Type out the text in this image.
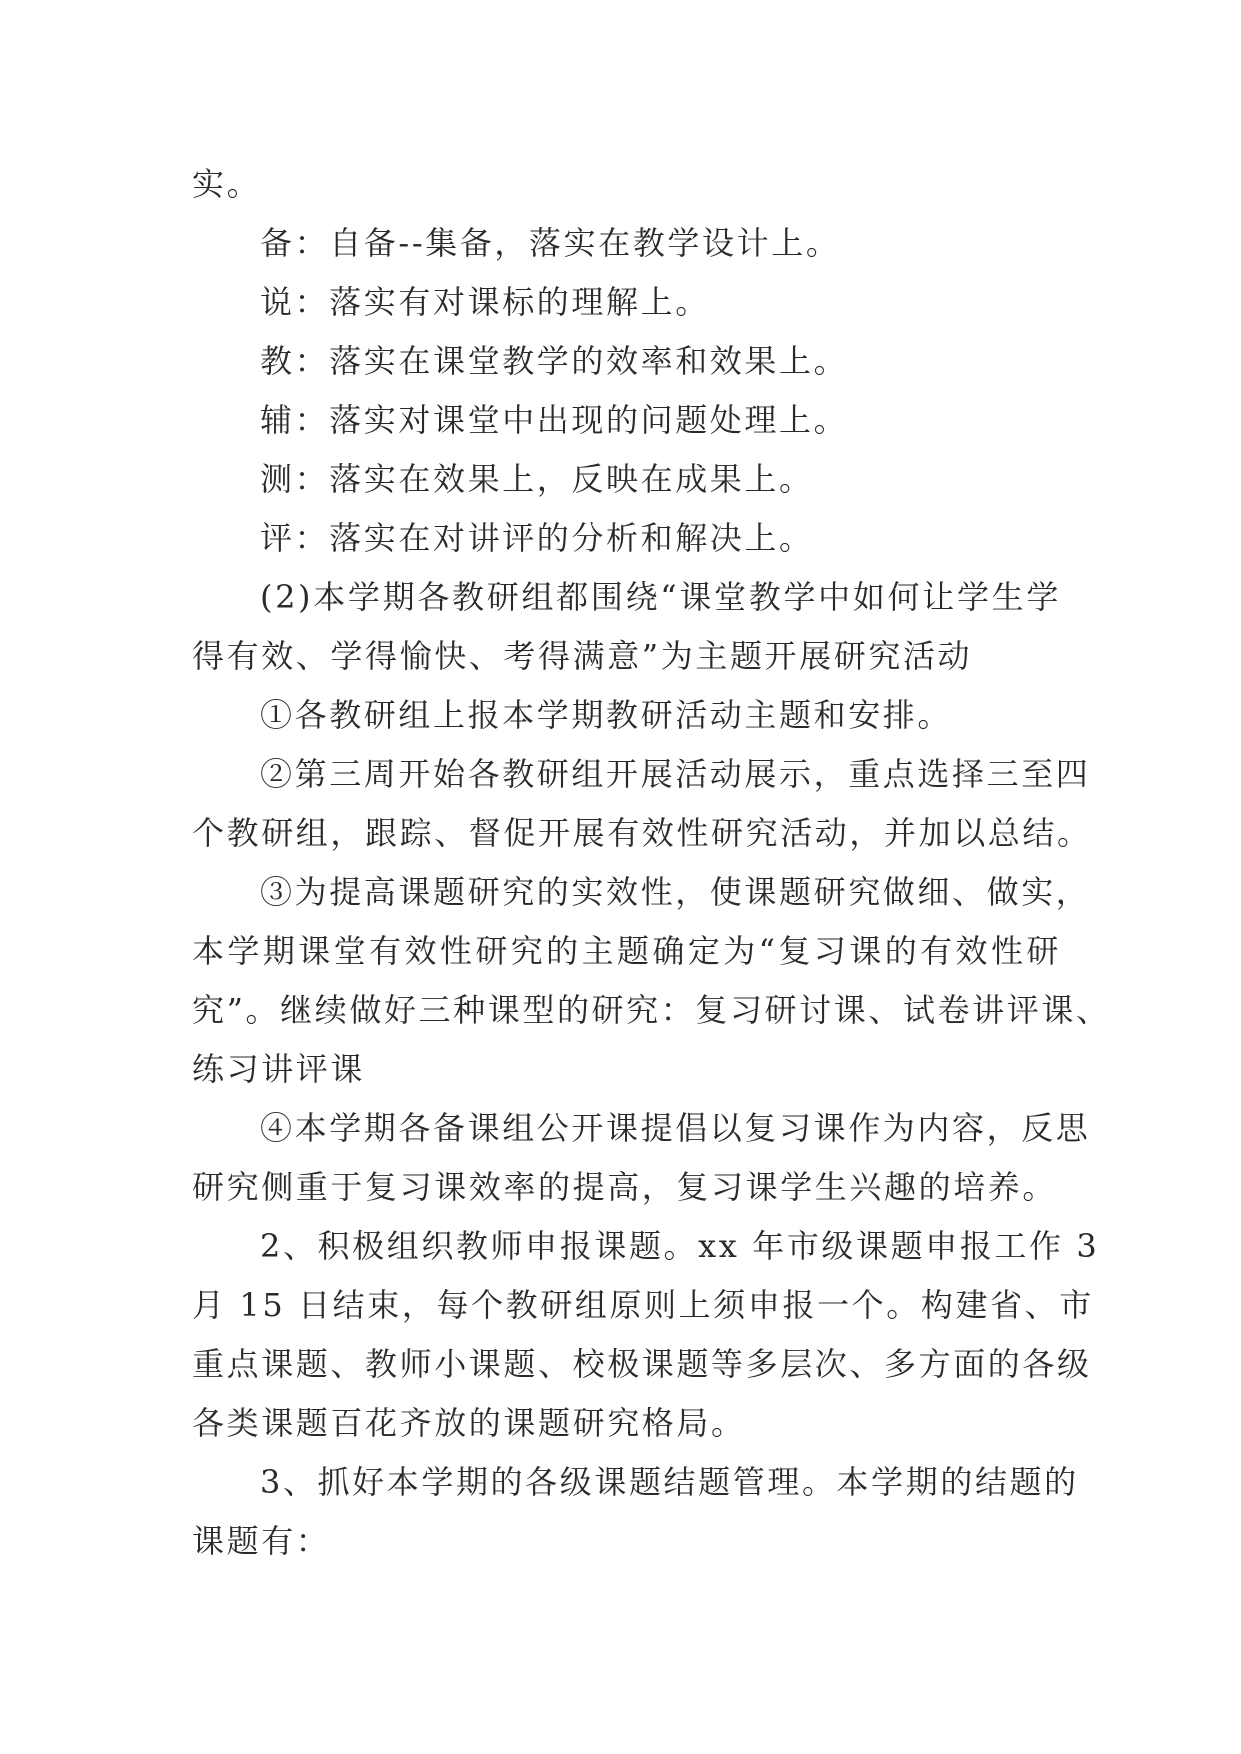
实。
备：自备--集备，落实在教学设计上。
说：落实有对课标的理解上。
教：落实在课堂教学的效率和效果上。
辅：落实对课堂中出现的问题处理上。
测：落实在效果上，反映在成果上。
评：落实在对讲评的分析和解决上。
(2)本学期各教研组都围绕“课堂教学中如何让学生学
得有效、学得愉快、考得满意”为主题开展研究活动
①各教研组上报本学期教研活动主题和安排。
②第三周开始各教研组开展活动展示，重点选择三至四
个教研组，跟踪、督促开展有效性研究活动，并加以总结。
③为提高课题研究的实效性，使课题研究做细、做实，
本学期课堂有效性研究的主题确定为“复习课的有效性研
究”。继续做好三种课型的研究：复习研讨课、试卷讲评课、
练习讲评课
④本学期各备课组公开课提倡以复习课作为内容，反思
研究侧重于复习课效率的提高，复习课学生兴趣的培养。
2、积极组织教师申报课题。xx 年市级课题申报工作 3
月 15 日结束，每个教研组原则上须申报一个。构建省、市
重点课题、教师小课题、校极课题等多层次、多方面的各级
各类课题百花齐放的课题研究格局。
3、抓好本学期的各级课题结题管理。本学期的结题的
课题有：
